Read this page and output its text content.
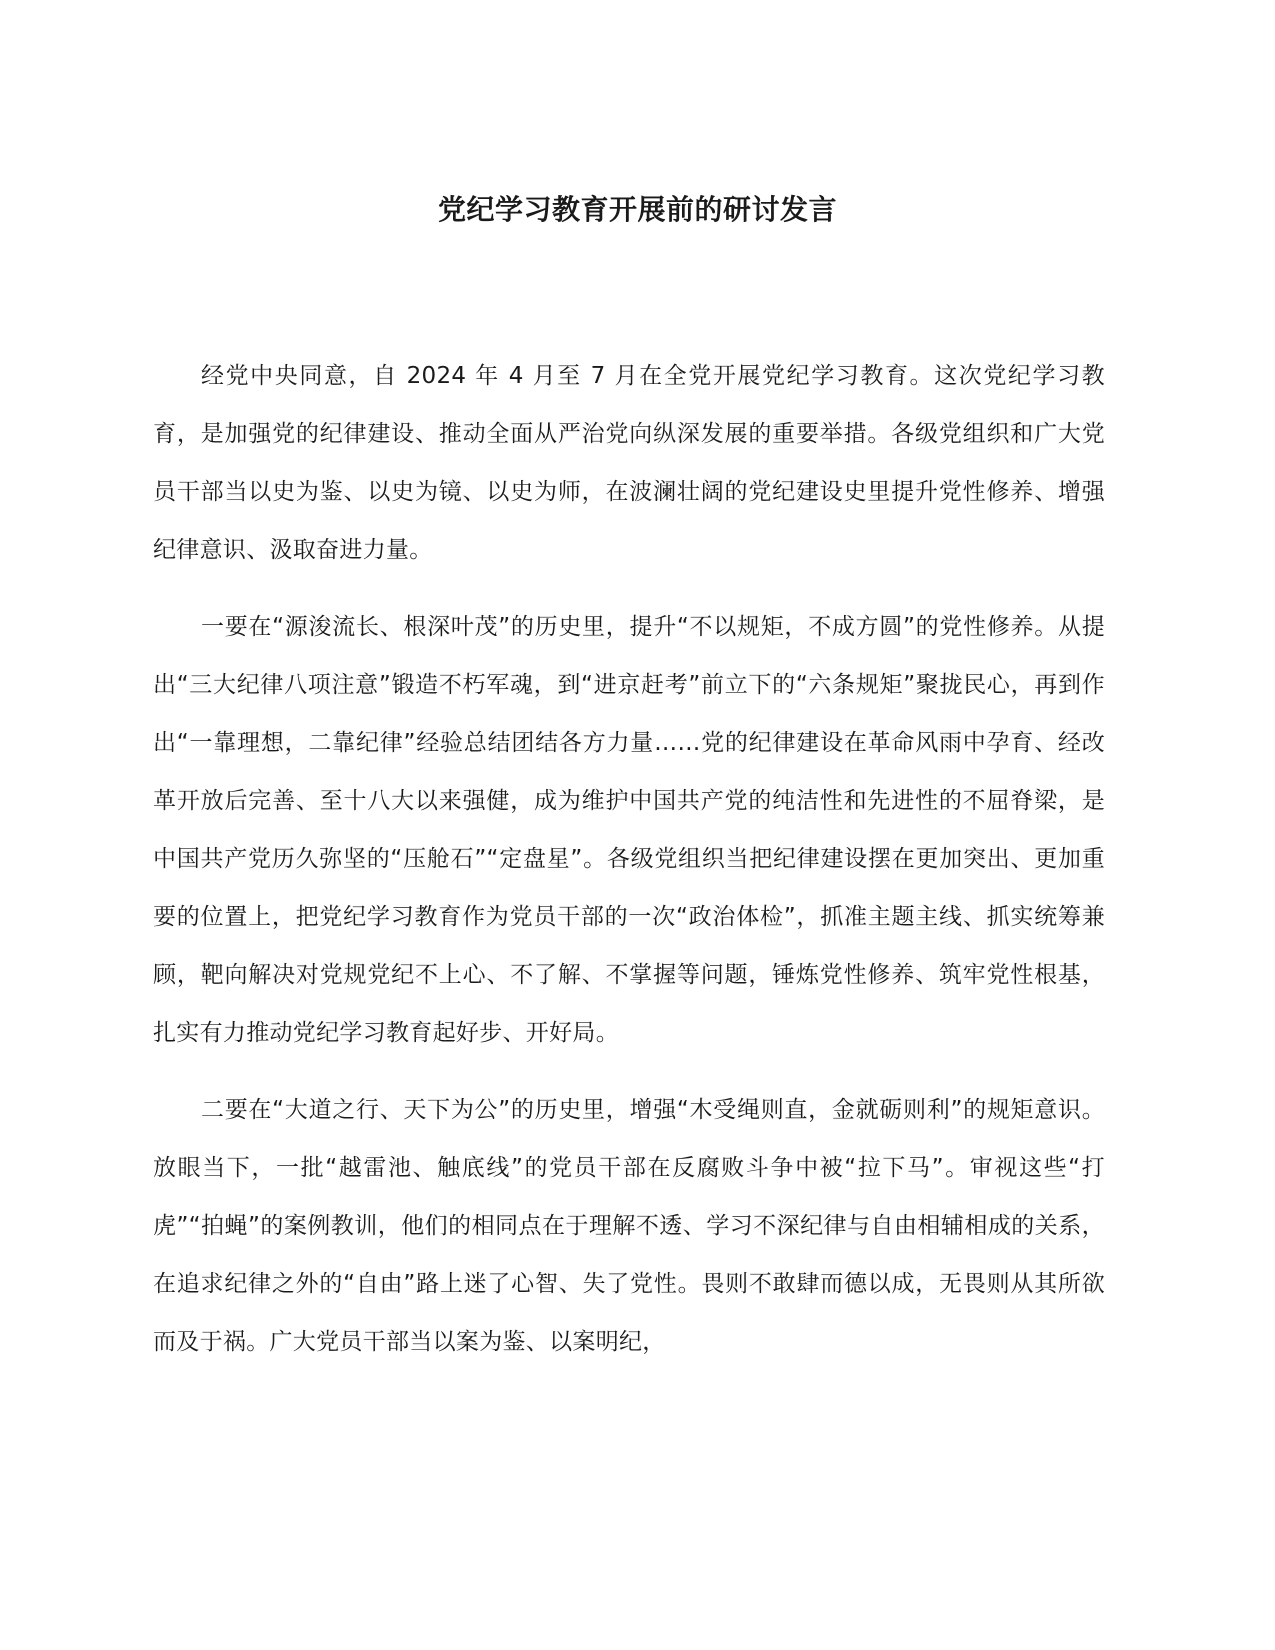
党纪学习教育开展前的研讨发言

经党中央同意，自 2024 年 4 月至 7 月在全党开展党纪学习教育。这次党纪学习教育，是加强党的纪律建设、推动全面从严治党向纵深发展的重要举措。各级党组织和广大党员干部当以史为鉴、以史为镜、以史为师，在波澜壮阔的党纪建设史里提升党性修养、增强纪律意识、汲取奋进力量。

一要在“源浚流长、根深叶茂”的历史里，提升“不以规矩，不成方圆”的党性修养。从提出“三大纪律八项注意”锻造不朽军魂，到“进京赶考”前立下的“六条规矩”聚拢民心，再到作出“一靠理想，二靠纪律”经验总结团结各方力量……党的纪律建设在革命风雨中孕育、经改革开放后完善、至十八大以来强健，成为维护中国共产党的纯洁性和先进性的不屈脊梁，是中国共产党历久弥坚的“压舱石”“定盘星”。各级党组织当把纪律建设摆在更加突出、更加重要的位置上，把党纪学习教育作为党员干部的一次“政治体检”，抓准主题主线、抓实统筹兼顾，靶向解决对党规党纪不上心、不了解、不掌握等问题，锤炼党性修养、筑牢党性根基，扎实有力推动党纪学习教育起好步、开好局。

二要在“大道之行、天下为公”的历史里，增强“木受绳则直，金就砺则利”的规矩意识。放眼当下，一批“越雷池、触底线”的党员干部在反腐败斗争中被“拉下马”。审视这些“打虎”“拍蝇”的案例教训，他们的相同点在于理解不透、学习不深纪律与自由相辅相成的关系，在追求纪律之外的“自由”路上迷了心智、失了党性。畏则不敢肆而德以成，无畏则从其所欲而及于祸。广大党员干部当以案为鉴、以案明纪，
